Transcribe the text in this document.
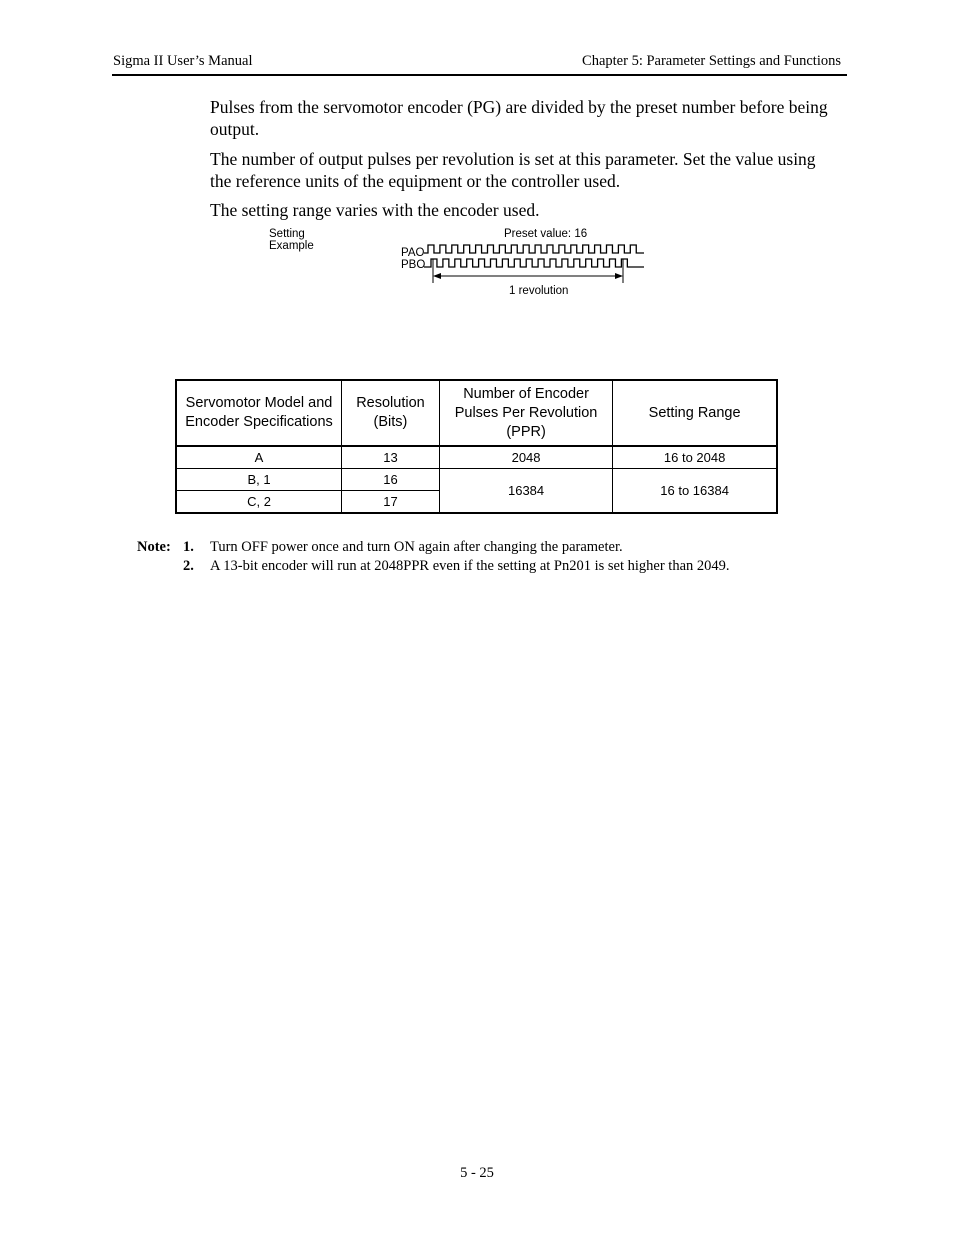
Sigma II User’s Manual	Chapter 5: Parameter Settings and Functions
Pulses from the servomotor encoder (PG) are divided by the preset number before being output.
The number of output pulses per revolution is set at this parameter. Set the value using the reference units of the equipment or the controller used.
The setting range varies with the encoder used.
Setting
Example
Preset value: 16
PAO
PBO
1 revolution
Servomotor Model and Encoder Specifications	Resolution (Bits)	Number of Encoder Pulses Per Revolution (PPR)	Setting Range
A	13	2048	16 to 2048
B, 1	16	16384	16 to 16384
C, 2	17		
Note: 1. Turn OFF power once and turn ON again after changing the parameter.
2. A 13-bit encoder will run at 2048PPR even if the setting at Pn201 is set higher than 2049.
5 - 25
